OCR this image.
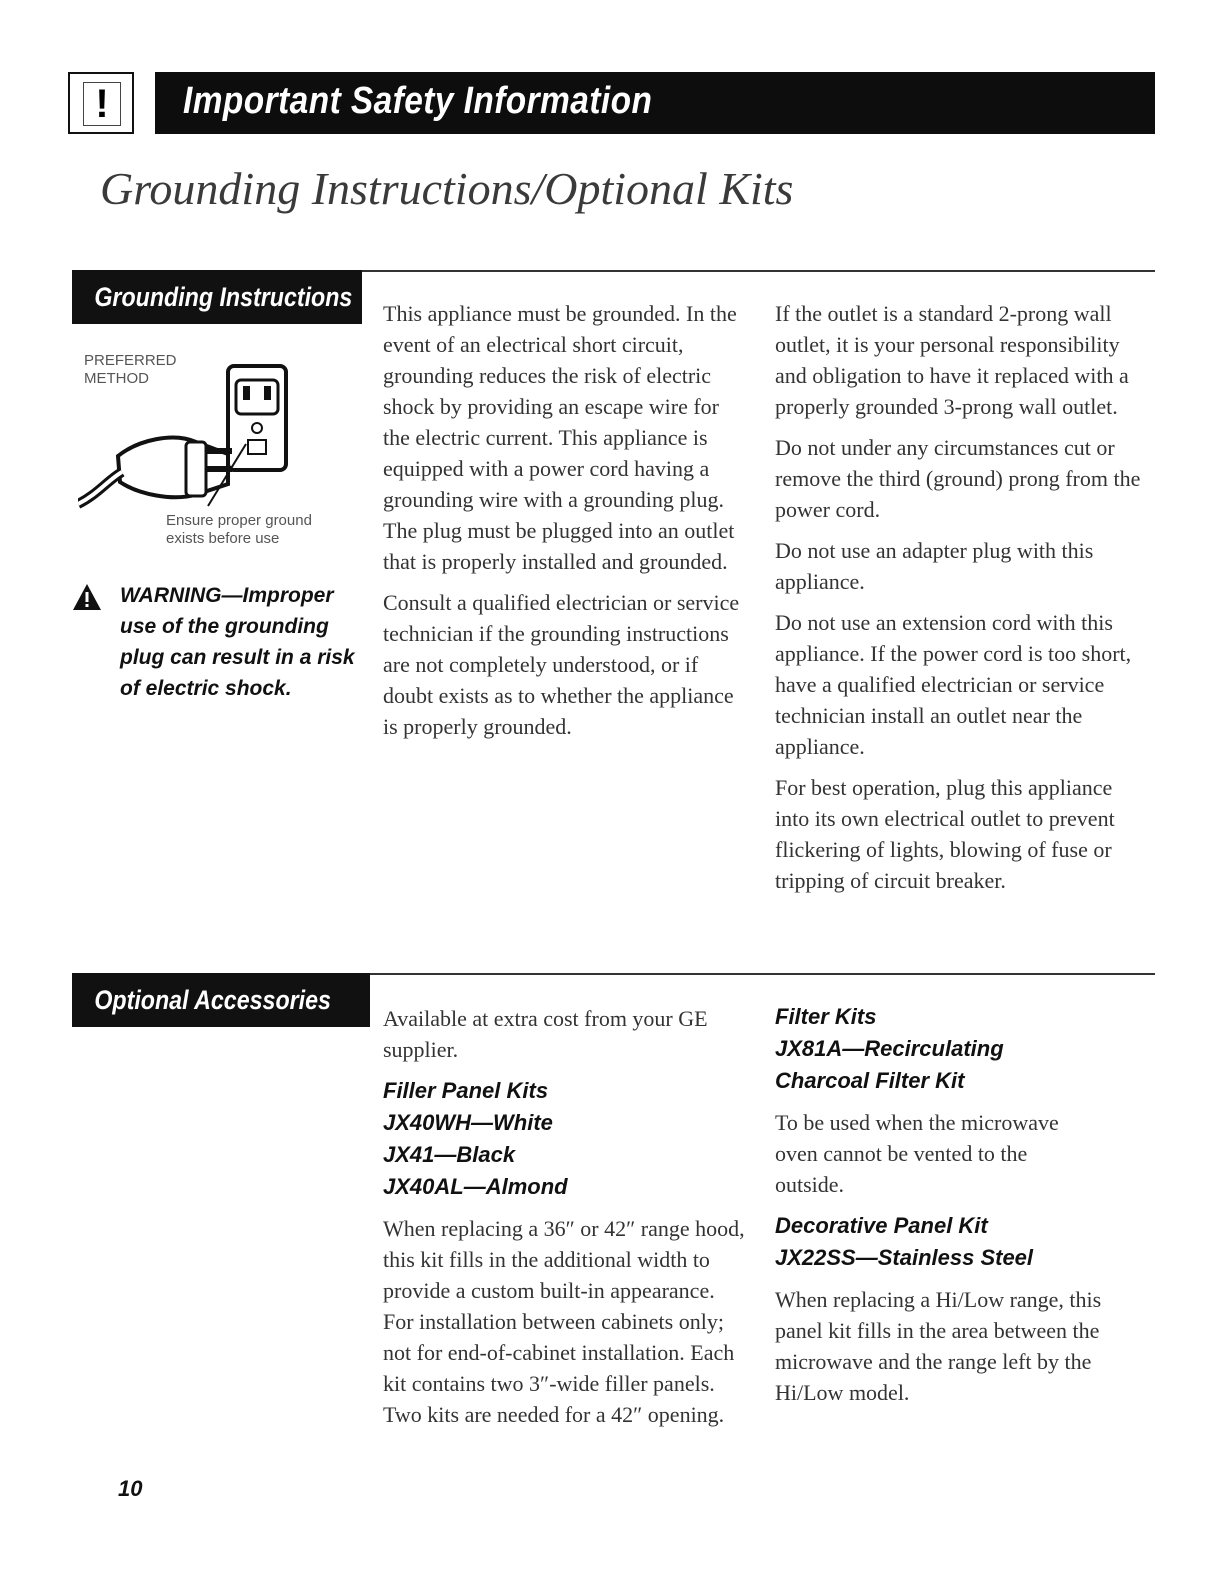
!	Important Safety Information
Grounding Instructions/Optional Kits
Grounding Instructions
PREFERRED
METHOD
Ensure proper ground
exists before use
WARNING—Improper use of the grounding plug can result in a risk of electric shock.

This appliance must be grounded. In the event of an electrical short circuit, grounding reduces the risk of electric shock by providing an escape wire for the electric current. This appliance is equipped with a power cord having a grounding wire with a grounding plug. The plug must be plugged into an outlet that is properly installed and grounded.

Consult a qualified electrician or service technician if the grounding instructions are not completely understood, or if doubt exists as to whether the appliance is properly grounded.

If the outlet is a standard 2-prong wall outlet, it is your personal responsibility and obligation to have it replaced with a properly grounded 3-prong wall outlet.

Do not under any circumstances cut or remove the third (ground) prong from the power cord.

Do not use an adapter plug with this appliance.

Do not use an extension cord with this appliance. If the power cord is too short, have a qualified electrician or service technician install an outlet near the appliance.

For best operation, plug this appliance into its own electrical outlet to prevent flickering of lights, blowing of fuse or tripping of circuit breaker.

Optional Accessories

Available at extra cost from your GE supplier.

Filler Panel Kits
JX40WH—White
JX41—Black
JX40AL—Almond

When replacing a 36″ or 42″ range hood, this kit fills in the additional width to provide a custom built-in appearance. For installation between cabinets only; not for end-of-cabinet installation. Each kit contains two 3″-wide filler panels. Two kits are needed for a 42″ opening.

Filter Kits
JX81A—Recirculating Charcoal Filter Kit

To be used when the microwave oven cannot be vented to the outside.

Decorative Panel Kit
JX22SS—Stainless Steel

When replacing a Hi/Low range, this panel kit fills in the area between the microwave and the range left by the Hi/Low model.

10
